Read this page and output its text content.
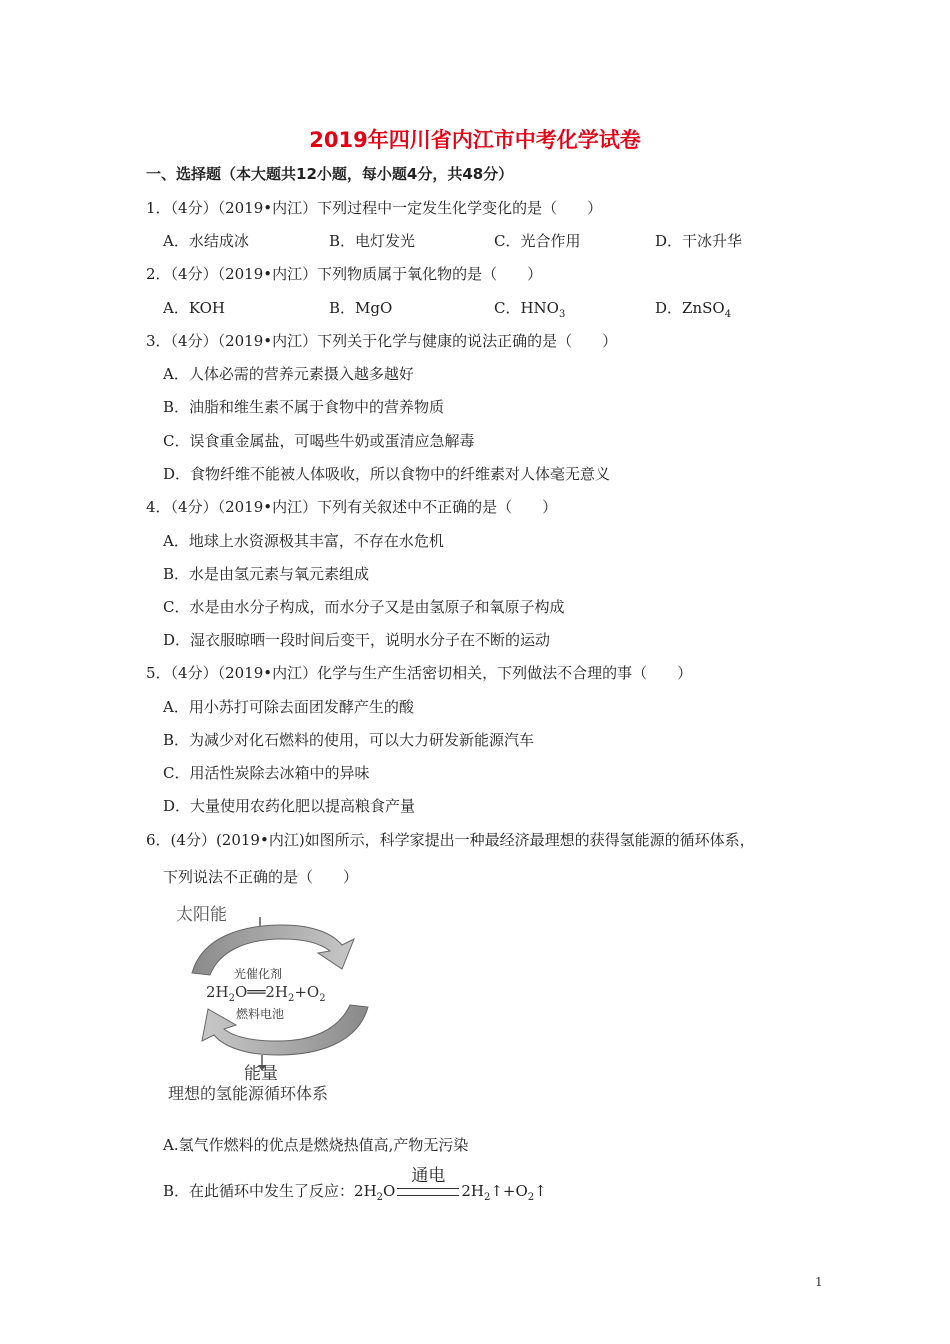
2019年四川省内江市中考化学试卷
一、选择题（本大题共12小题，每小题4分，共48分）
1．（4分）（2019•内江）下列过程中一定发生化学变化的是（　　）
A．水结成冰	B．电灯发光	C．光合作用	D．干冰升华
2．（4分）（2019•内江）下列物质属于氧化物的是（　　）
A．KOH	B．MgO	C．$HNO_3$	D．ZnSO$_4$
3．（4分）（2019•内江）下列关于化学与健康的说法正确的是（　　）
A．人体必需的营养元素摄入越多越好
B．油脂和维生素不属于食物中的营养物质
C．误食重金属盐，可喝些牛奶或蛋清应急解毒
D．食物纤维不能被人体吸收，所以食物中的纤维素对人体毫无意义
4．（4分）（2019•内江）下列有关叙述中不正确的是（　　）
A．地球上水资源极其丰富，不存在水危机
B．水是由氢元素与氧元素组成
C．水是由水分子构成，而水分子又是由氢原子和氧原子构成
D．湿衣服晾晒一段时间后变干，说明水分子在不断的运动
5．（4分）（2019•内江）化学与生产生活密切相关，下列做法不合理的事（　　）
A．用小苏打可除去面团发酵产生的酸
B．为减少对化石燃料的使用，可以大力研发新能源汽车
C．用活性炭除去冰箱中的异味
D．大量使用农药化肥以提高粮食产量
6．(4分）(2019•内江)如图所示，科学家提出一种最经济最理想的获得氢能源的循环体系，
下列说法不正确的是（　　）
太阳能
光催化剂
$2H_2O══2H_2+O_2$
燃料电池
能量
理想的氢能源循环体系
A.氢气作燃料的优点是燃烧热值高,产物无污染
B．在此循环中发生了反应：$2H_2O$
通电
$2H_2↑+O_2↑$
1
